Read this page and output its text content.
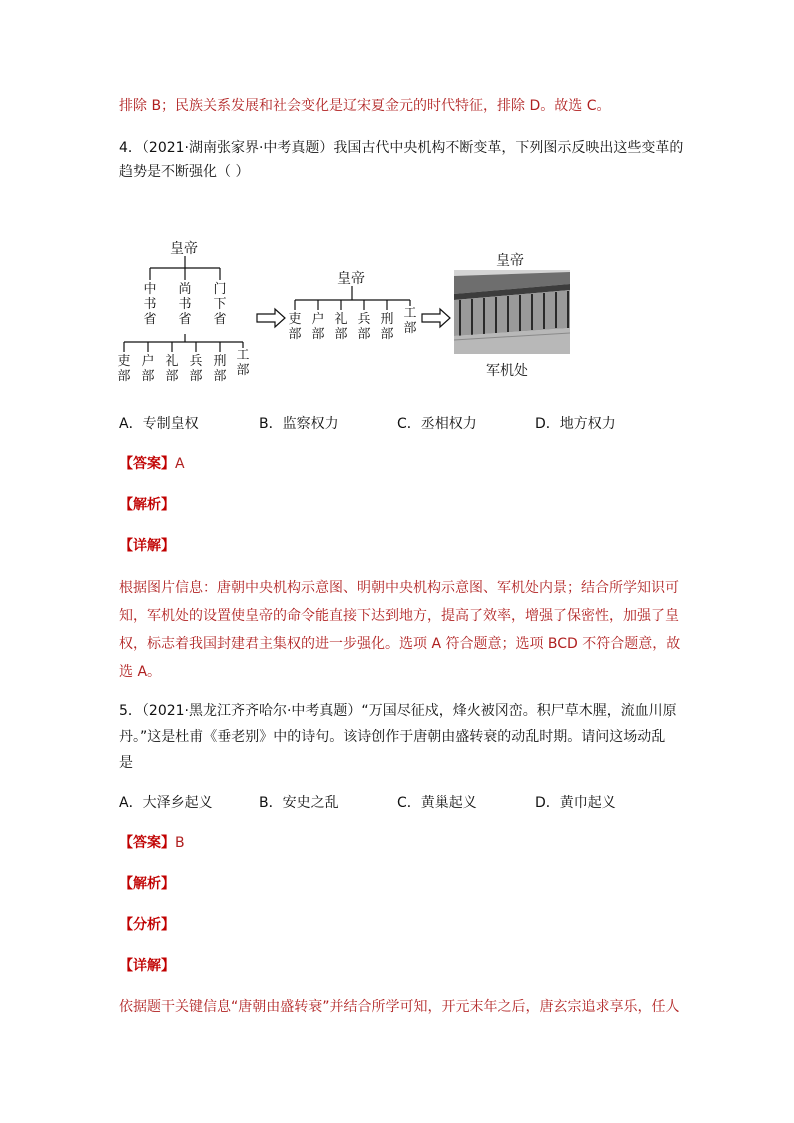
排除 B；民族关系发展和社会变化是辽宋夏金元的时代特征，排除 D。故选 C。
4．（2021·湖南张家界·中考真题）我国古代中央机构不断变革，下列图示反映出这些变革的
趋势是不断强化（ ）
皇帝
中书省
尚书省
门下省
吏部
户部
礼部
兵部
刑部
工部
皇帝
吏部
户部
礼部
兵部
刑部
工部
皇帝
军机处
A．专制皇权	B．监察权力	C．丞相权力	D．地方权力
【答案】A
【解析】
【详解】
根据图片信息：唐朝中央机构示意图、明朝中央机构示意图、军机处内景；结合所学知识可
知，军机处的设置使皇帝的命令能直接下达到地方，提高了效率，增强了保密性，加强了皇
权，标志着我国封建君主集权的进一步强化。选项 A 符合题意；选项 BCD 不符合题意，故
选 A。
5．（2021·黑龙江齐齐哈尔·中考真题）“万国尽征戍，烽火被冈峦。积尸草木腥，流血川原
丹。”这是杜甫《垂老别》中的诗句。该诗创作于唐朝由盛转衰的动乱时期。请问这场动乱
是
A．大泽乡起义	B．安史之乱	C．黄巢起义	D．黄巾起义
【答案】B
【解析】
【分析】
【详解】
依据题干关键信息“唐朝由盛转衰”并结合所学可知，开元末年之后，唐玄宗追求享乐，任人
